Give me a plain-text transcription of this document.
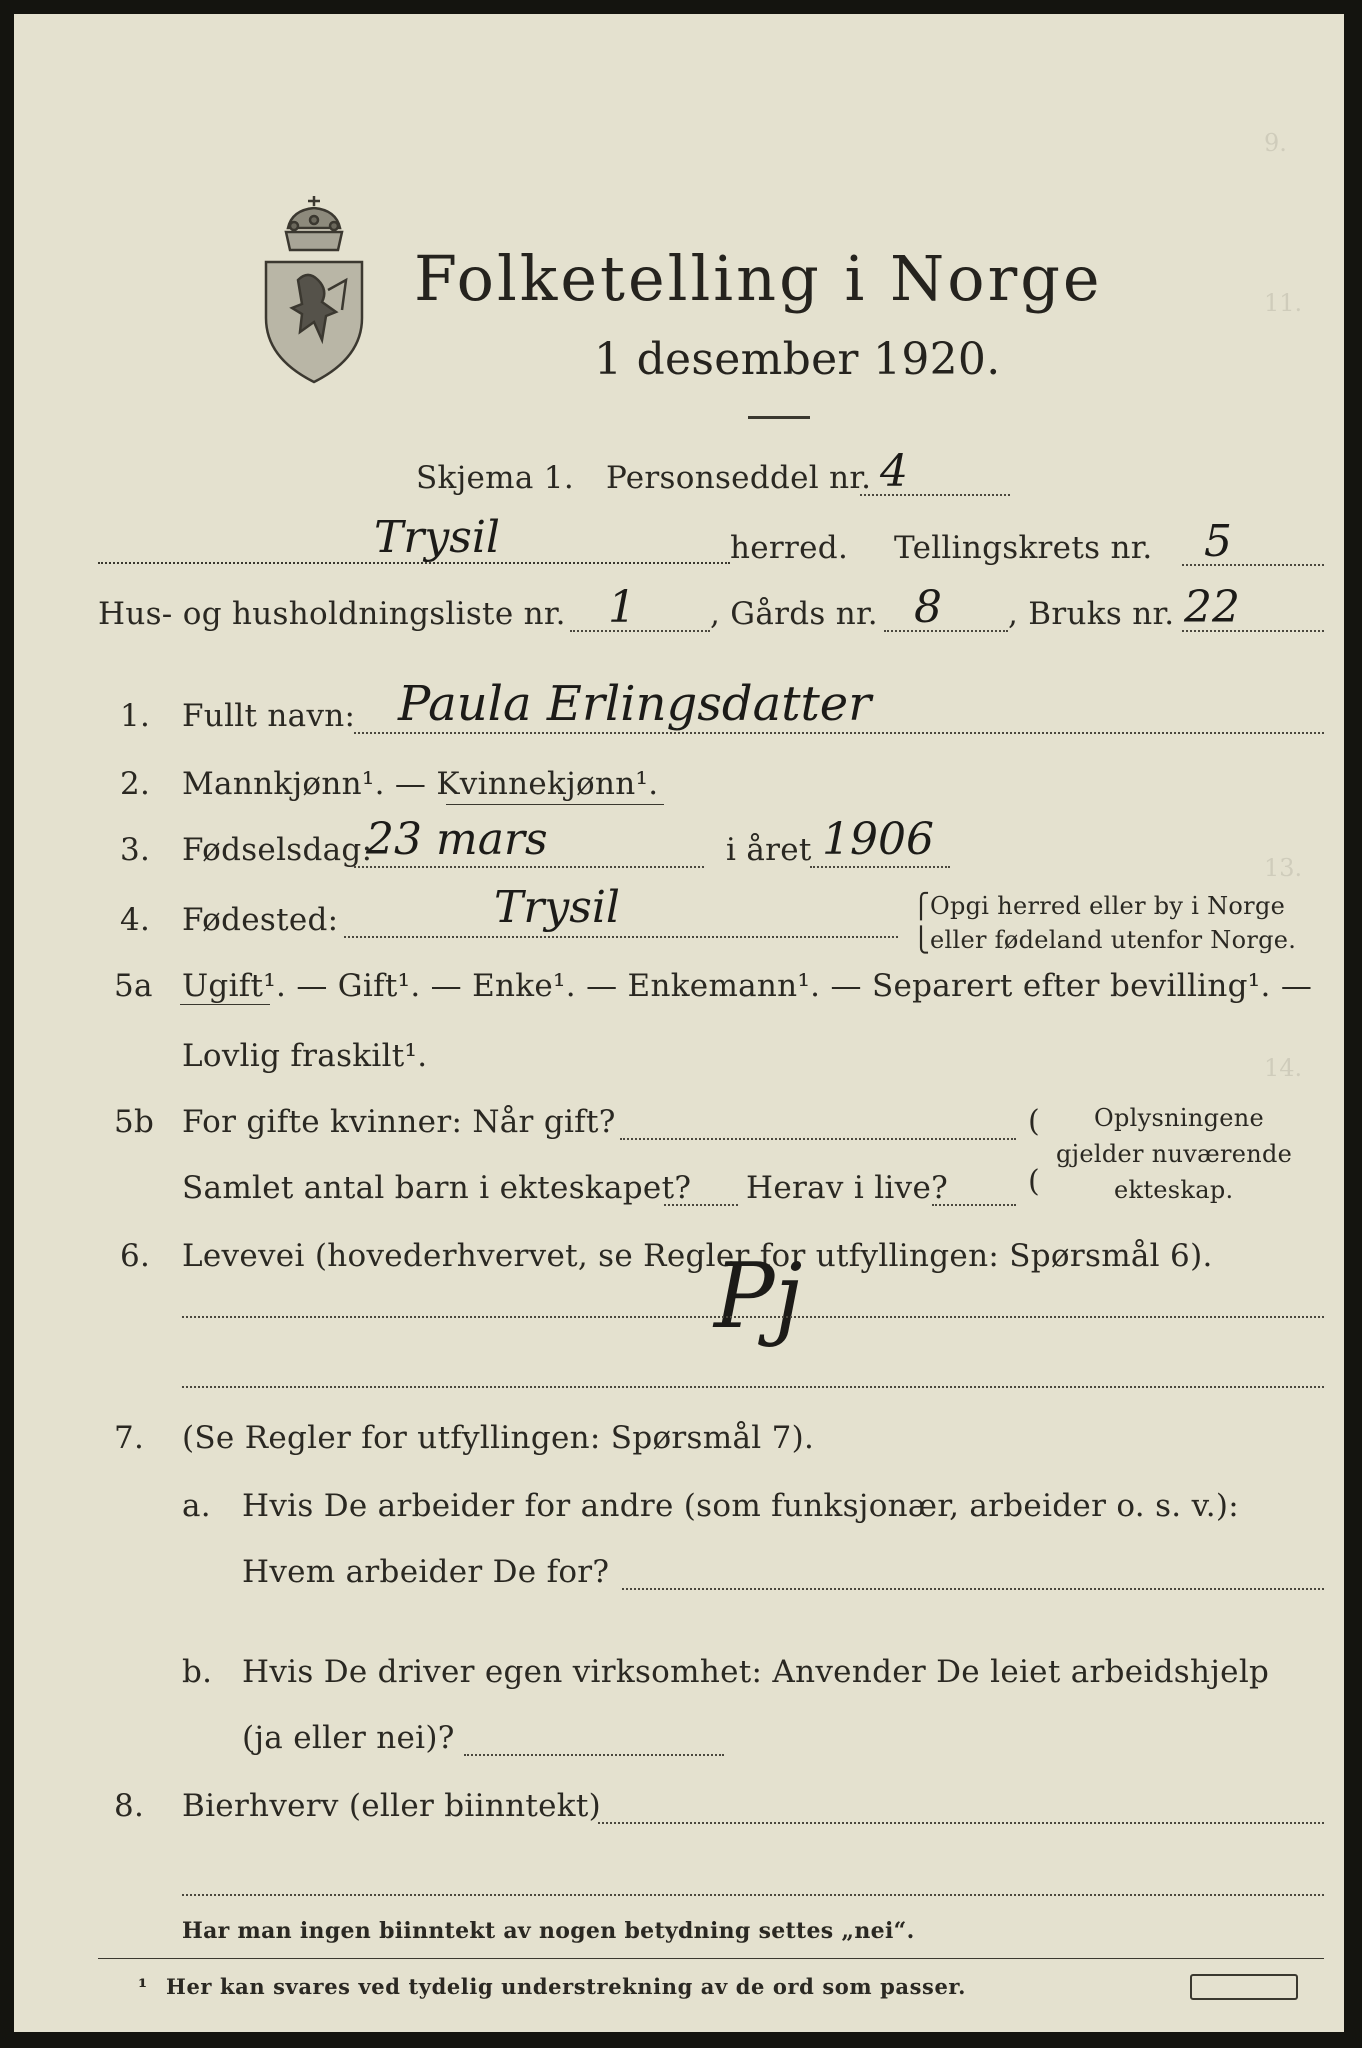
9.
11.
13.
14.
Folketelling i Norge
1 desember 1920.
Skjema 1. Personseddel nr. 4
Trysil	herred. Tellingskrets nr. 5
Hus- og husholdningsliste nr. 1 , Gårds nr. 8 , Bruks nr. 22
1. Fullt navn: Paula Erlingsdatter
2. Mannkjønn¹. — Kvinnekjønn¹.
3. Fødselsdag:
23 mars	i året 1906
4. Fødested:	Trysil	⎧
⎩
Opgi herred eller by i Norge
eller fødeland utenfor Norge.
5a Ugift¹. — Gift¹. — Enke¹. — Enkemann¹. — Separert efter bevilling¹. —
Lovlig fraskilt¹.
5b For gifte kvinner: Når gift?
Samlet antal barn i ekteskapet? Herav i live?
(
(
Oplysningene
gjelder nuværende
ekteskap.
6. Levevei (hovederhvervet, se Regler for utfyllingen: Spørsmål 6).
Pj
7. (Se Regler for utfyllingen: Spørsmål 7).
a. Hvis De arbeider for andre (som funksjonær, arbeider o. s. v.):
Hvem arbeider De for?
b. Hvis De driver egen virksomhet: Anvender De leiet arbeidshjelp
(ja eller nei)?
8. Bierhverv (eller biinntekt)
Har man ingen biinntekt av nogen betydning settes „nei“.
¹ Her kan svares ved tydelig understrekning av de ord som passer.
